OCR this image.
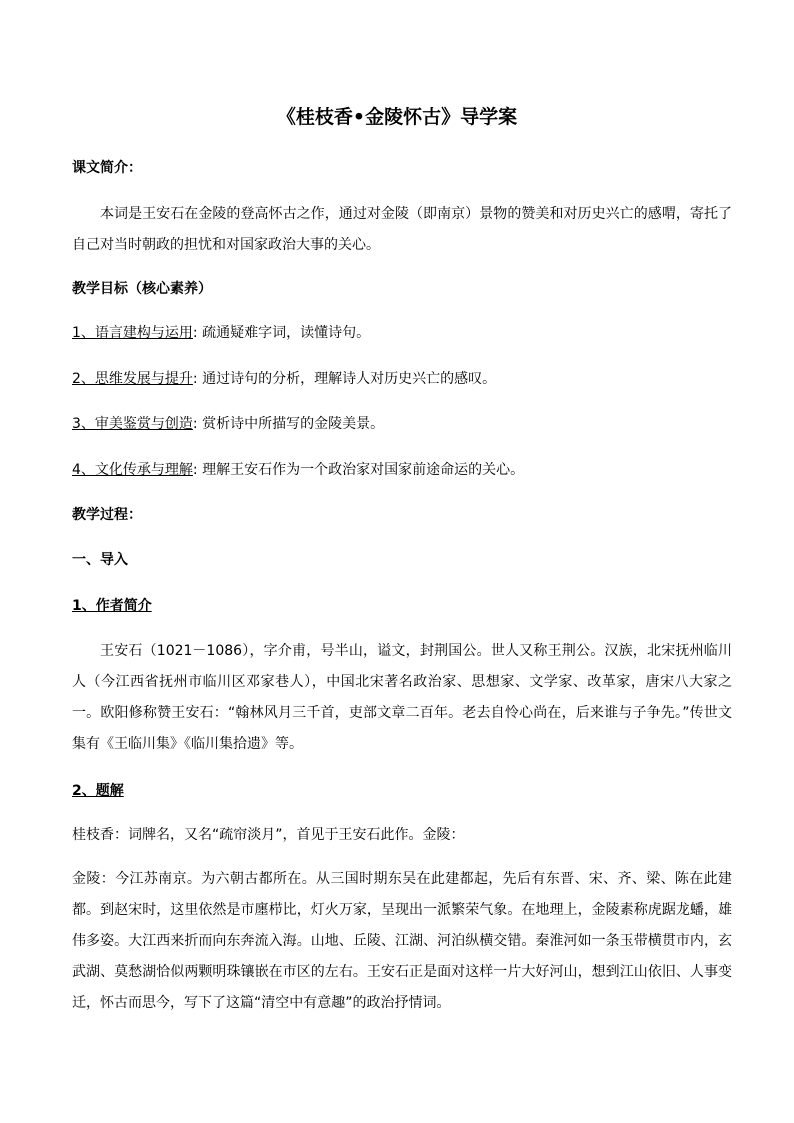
《桂枝香•金陵怀古》导学案
课文简介：
本词是王安石在金陵的登高怀古之作，通过对金陵（即南京）景物的赞美和对历史兴亡的感喟，寄托了自己对当时朝政的担忧和对国家政治大事的关心。
教学目标（核心素养）
1、语言建构与运用: 疏通疑难字词，读懂诗句。
2、思维发展与提升: 通过诗句的分析，理解诗人对历史兴亡的感叹。
3、审美鉴赏与创造: 赏析诗中所描写的金陵美景。
4、文化传承与理解: 理解王安石作为一个政治家对国家前途命运的关心。
教学过程：
一、导入
1、作者简介
王安石（1021－1086），字介甫，号半山，谥文，封荆国公。世人又称王荆公。汉族，北宋抚州临川人（今江西省抚州市临川区邓家巷人），中国北宋著名政治家、思想家、文学家、改革家，唐宋八大家之一。欧阳修称赞王安石：“翰林风月三千首，吏部文章二百年。老去自怜心尚在，后来谁与子争先。”传世文集有《王临川集》《临川集拾遗》等。
2、题解
桂枝香：词牌名，又名“疏帘淡月”，首见于王安石此作。金陵：
金陵：今江苏南京。为六朝古都所在。从三国时期东吴在此建都起，先后有东晋、宋、齐、梁、陈在此建都。到赵宋时，这里依然是市廛栉比，灯火万家，呈现出一派繁荣气象。在地理上，金陵素称虎踞龙蟠，雄伟多姿。大江西来折而向东奔流入海。山地、丘陵、江湖、河泊纵横交错。秦淮河如一条玉带横贯市内，玄武湖、莫愁湖恰似两颗明珠镶嵌在市区的左右。王安石正是面对这样一片大好河山，想到江山依旧、人事变迁，怀古而思今，写下了这篇“清空中有意趣”的政治抒情词。
